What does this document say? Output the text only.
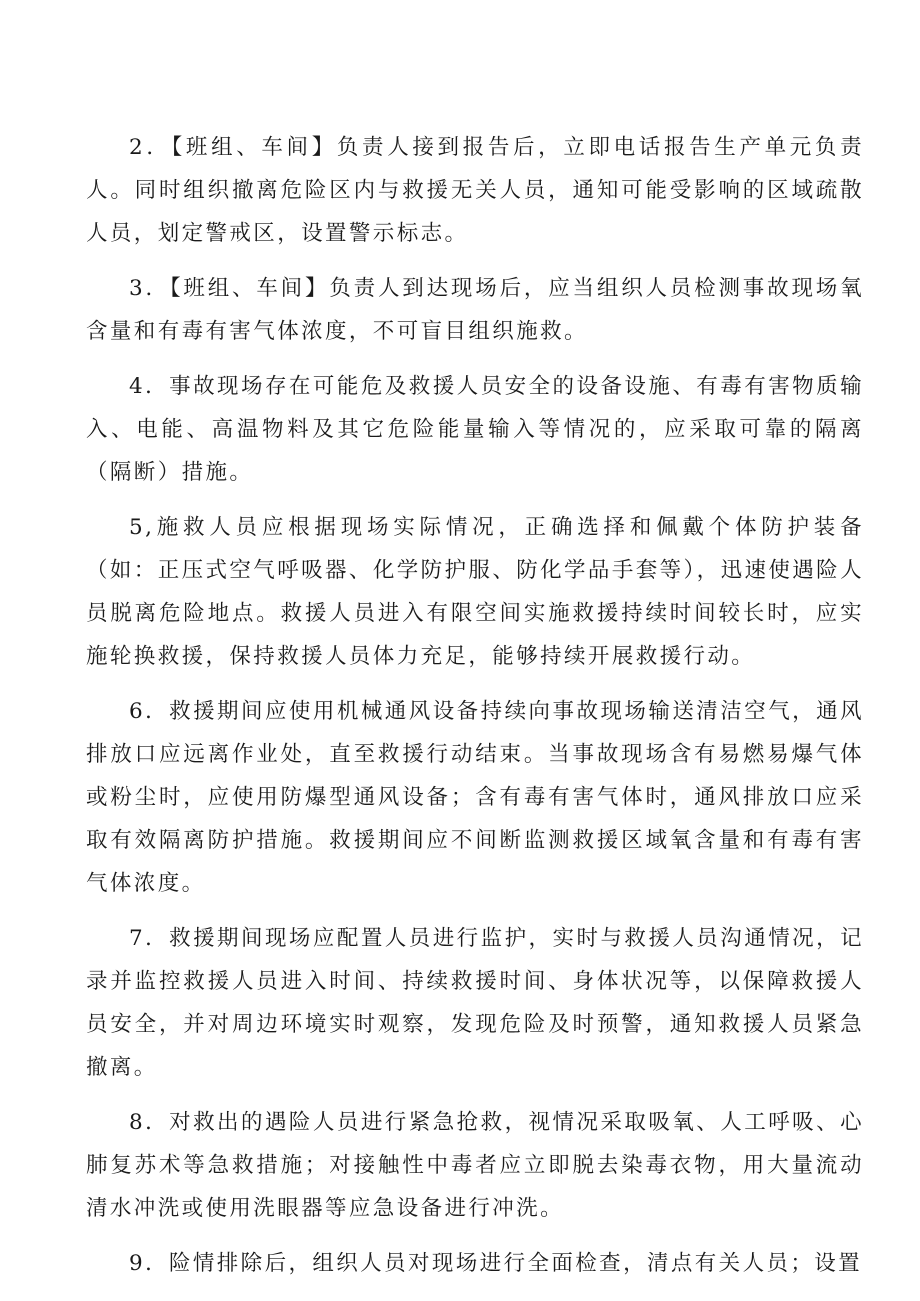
2．【班组、车间】负责人接到报告后，立即电话报告生产单元负责人。同时组织撤离危险区内与救援无关人员，通知可能受影响的区域疏散人员，划定警戒区，设置警示标志。

3．【班组、车间】负责人到达现场后，应当组织人员检测事故现场氧含量和有毒有害气体浓度，不可盲目组织施救。

4．事故现场存在可能危及救援人员安全的设备设施、有毒有害物质输入、电能、高温物料及其它危险能量输入等情况的，应采取可靠的隔离（隔断）措施。

5,施救人员应根据现场实际情况，正确选择和佩戴个体防护装备（如：正压式空气呼吸器、化学防护服、防化学品手套等），迅速使遇险人员脱离危险地点。救援人员进入有限空间实施救援持续时间较长时，应实施轮换救援，保持救援人员体力充足，能够持续开展救援行动。

6．救援期间应使用机械通风设备持续向事故现场输送清洁空气，通风排放口应远离作业处，直至救援行动结束。当事故现场含有易燃易爆气体或粉尘时，应使用防爆型通风设备；含有毒有害气体时，通风排放口应采取有效隔离防护措施。救援期间应不间断监测救援区域氧含量和有毒有害气体浓度。

7．救援期间现场应配置人员进行监护，实时与救援人员沟通情况，记录并监控救援人员进入时间、持续救援时间、身体状况等，以保障救援人员安全，并对周边环境实时观察，发现危险及时预警，通知救援人员紧急撤离。

8．对救出的遇险人员进行紧急抢救，视情况采取吸氧、人工呼吸、心肺复苏术等急救措施；对接触性中毒者应立即脱去染毒衣物，用大量流动清水冲洗或使用洗眼器等应急设备进行冲洗。

9．险情排除后，组织人员对现场进行全面检查，清点有关人员；设置
